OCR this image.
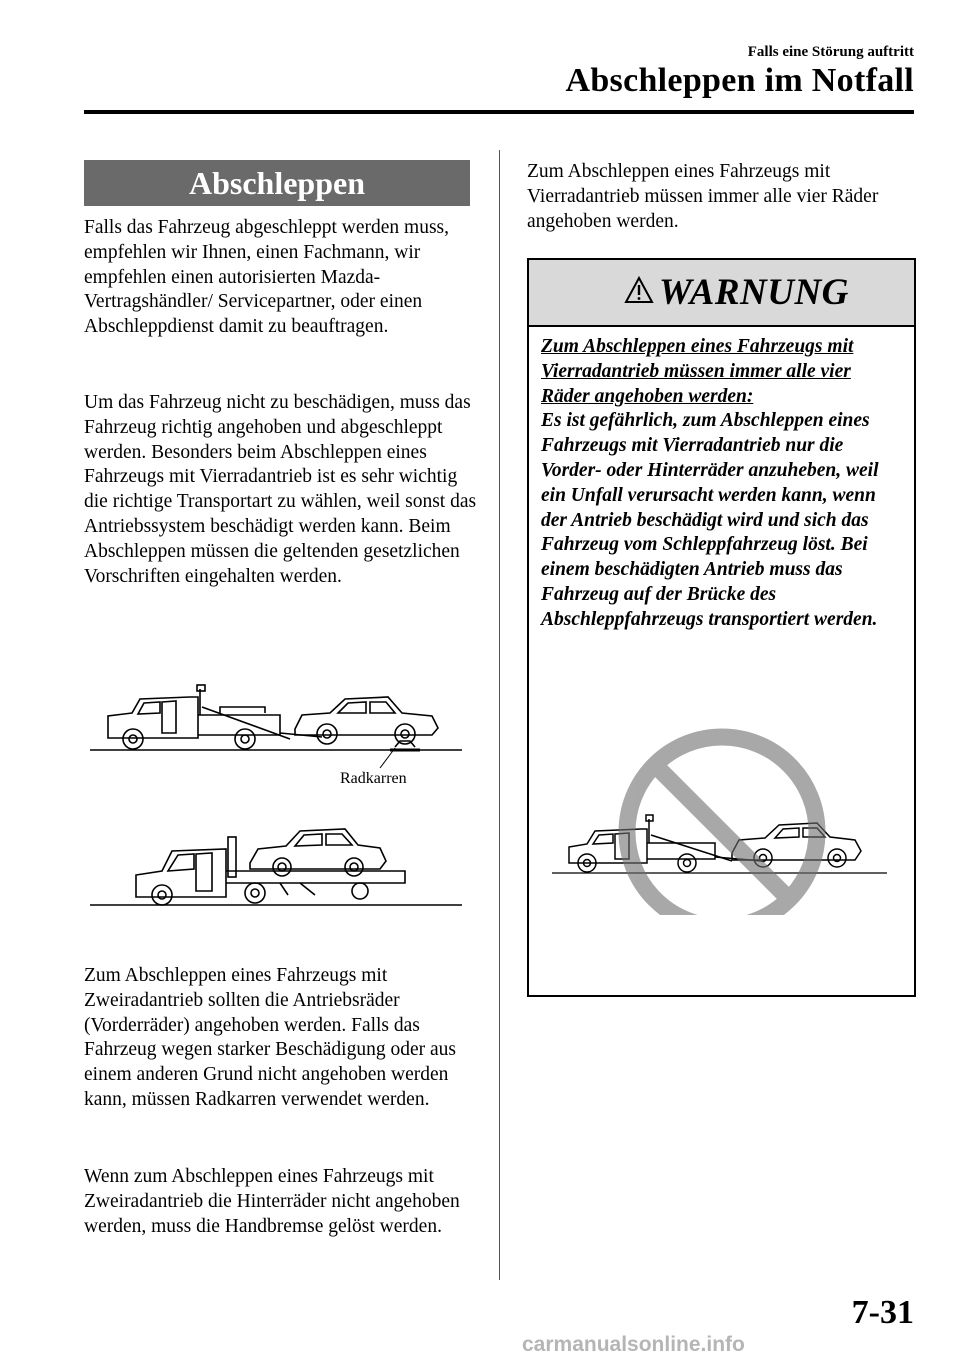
Falls eine Störung auftritt
Abschleppen im Notfall
Abschleppen

Falls das Fahrzeug abgeschleppt werden muss, empfehlen wir Ihnen, einen Fachmann, wir empfehlen einen autorisierten Mazda-Vertragshändler/ Servicepartner, oder einen Abschleppdienst damit zu beauftragen.

Um das Fahrzeug nicht zu beschädigen, muss das Fahrzeug richtig angehoben und abgeschleppt werden. Besonders beim Abschleppen eines Fahrzeugs mit Vierradantrieb ist es sehr wichtig die richtige Transportart zu wählen, weil sonst das Antriebssystem beschädigt werden kann. Beim Abschleppen müssen die geltenden gesetzlichen Vorschriften eingehalten werden.

Radkarren

Zum Abschleppen eines Fahrzeugs mit Zweiradantrieb sollten die Antriebsräder (Vorderräder) angehoben werden. Falls das Fahrzeug wegen starker Beschädigung oder aus einem anderen Grund nicht angehoben werden kann, müssen Radkarren verwendet werden.

Wenn zum Abschleppen eines Fahrzeugs mit Zweiradantrieb die Hinterräder nicht angehoben werden, muss die Handbremse gelöst werden.

Zum Abschleppen eines Fahrzeugs mit Vierradantrieb müssen immer alle vier Räder angehoben werden.

WARNUNG

Zum Abschleppen eines Fahrzeugs mit Vierradantrieb müssen immer alle vier Räder angehoben werden:
Es ist gefährlich, zum Abschleppen eines Fahrzeugs mit Vierradantrieb nur die Vorder- oder Hinterräder anzuheben, weil ein Unfall verursacht werden kann, wenn der Antrieb beschädigt wird und sich das Fahrzeug vom Schleppfahrzeug löst. Bei einem beschädigten Antrieb muss das Fahrzeug auf der Brücke des Abschleppfahrzeugs transportiert werden.

7-31
carmanualsonline.info
